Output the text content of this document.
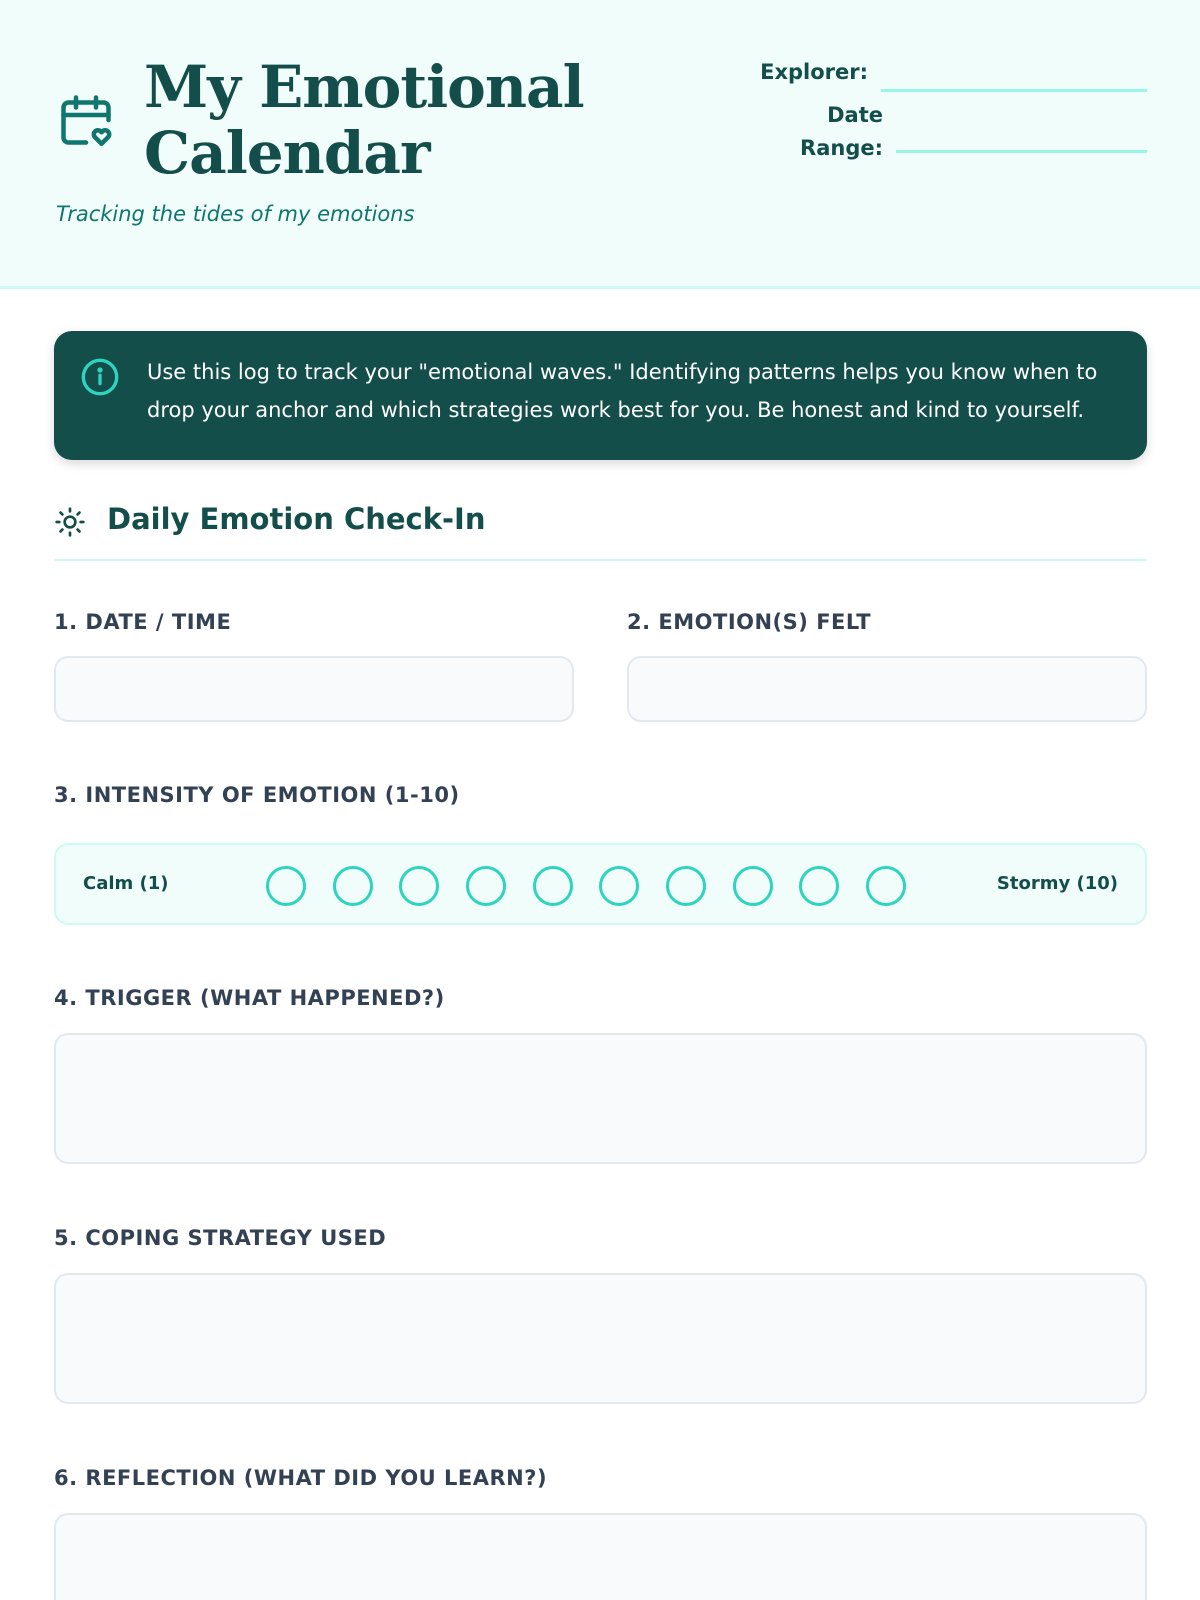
My Emotional Calendar
Tracking the tides of my emotions
Explorer:
Date
Range:
Use this log to track your "emotional waves." Identifying patterns helps you know when to drop your anchor and which strategies work best for you. Be honest and kind to yourself.
Daily Emotion Check-In
1. DATE / TIME	2. EMOTION(S) FELT
3. INTENSITY OF EMOTION (1-10)
Calm (1)	Stormy (10)
4. TRIGGER (WHAT HAPPENED?)
5. COPING STRATEGY USED
6. REFLECTION (WHAT DID YOU LEARN?)
